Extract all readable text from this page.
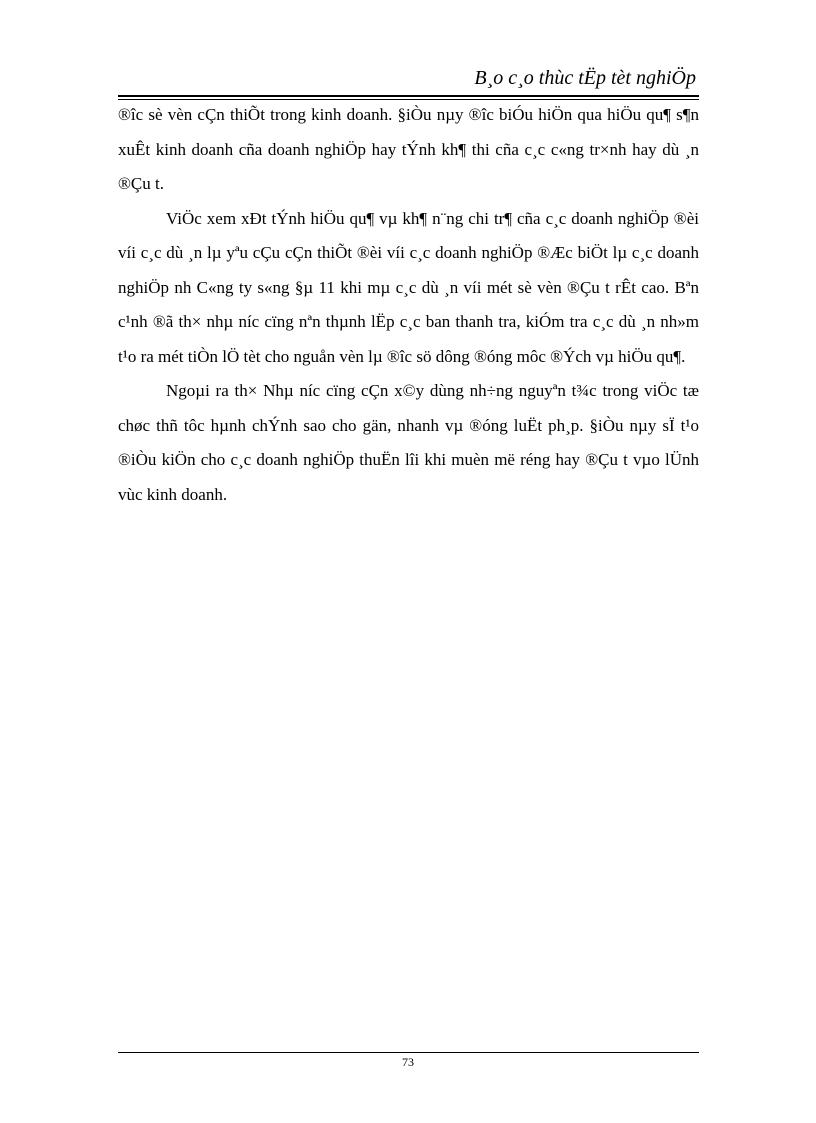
B¸o c¸o thùc tËp tèt nghiÖp

®îc sè vèn cÇn thiÕt trong kinh doanh. §iÒu nµy ®îc biÓu hiÖn qua hiÖu qu¶ s¶n xuÊt kinh doanh cña doanh nghiÖp hay tÝnh kh¶ thi cña c¸c c«ng tr×nh hay dù ¸n ®Çu t.

ViÖc xem xÐt tÝnh hiÖu qu¶ vµ kh¶ n¨ng chi tr¶ cña c¸c doanh nghiÖp ®èi víi c¸c dù ¸n lµ yªu cÇu cÇn thiÕt ®èi víi c¸c doanh nghiÖp ®Æc biÖt lµ c¸c doanh nghiÖp nh C«ng ty s«ng §µ 11 khi mµ c¸c dù ¸n víi mét sè vèn ®Çu t rÊt cao. Bªn c¹nh ®ã th× nhµ níc cïng nªn thµnh lËp c¸c ban thanh tra, kiÓm tra c¸c dù ¸n nh»m t¹o ra mét tiÒn lÖ tèt cho nguån vèn lµ ®îc sö dông ®óng môc ®Ých vµ hiÖu qu¶.

Ngoµi ra th× Nhµ níc cïng cÇn x©y dùng nh÷ng nguyªn t¾c trong viÖc tæ chøc thñ tôc hµnh chÝnh sao cho gän, nhanh vµ ®óng luËt ph¸p. §iÒu nµy sÏ t¹o ®iÒu kiÖn cho c¸c doanh nghiÖp thuËn lîi khi muèn më réng hay ®Çu t vµo lÜnh vùc kinh doanh.

73
